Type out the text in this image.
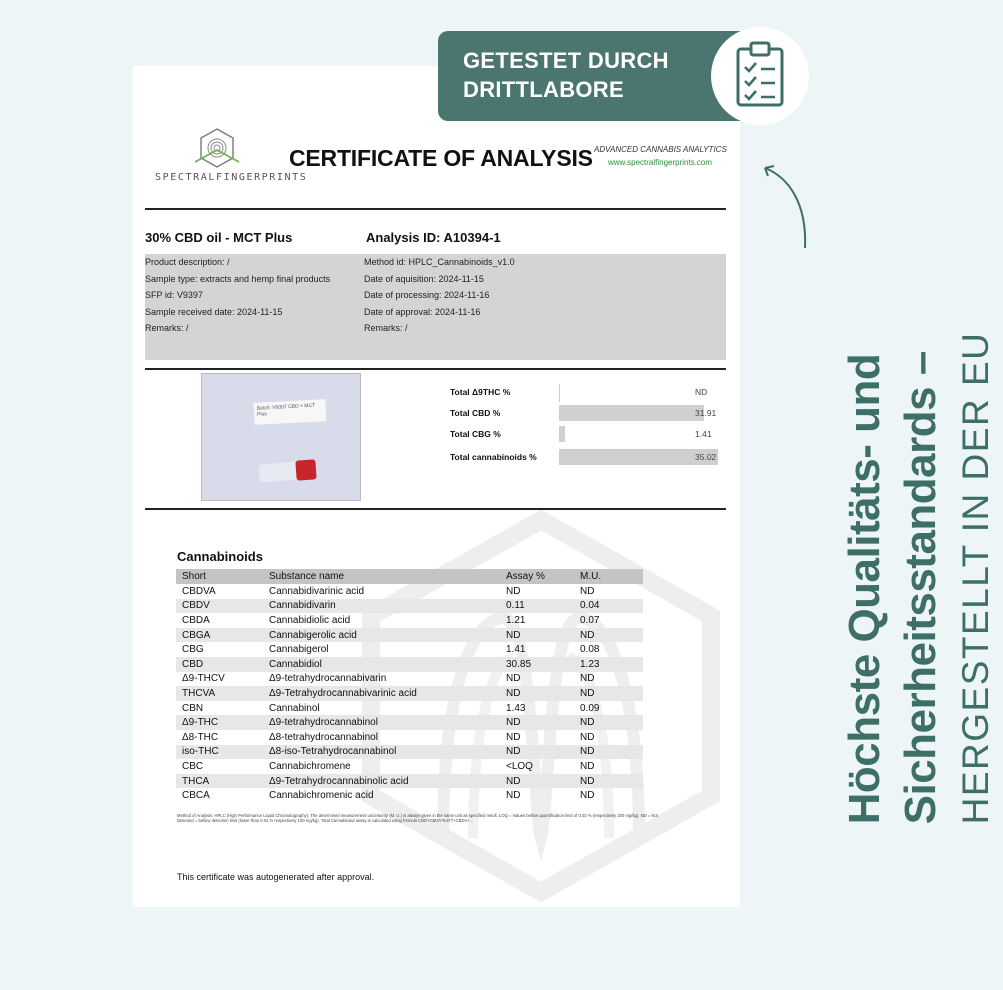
GETESTET DURCH
DRITTLABORE
SPECTRALFINGERPRINTS
CERTIFICATE OF ANALYSIS ADVANCED CANNABIS ANALYTICS
www.spectralfingerprints.com
30% CBD oil - MCT Plus	Analysis ID: A10394-1
Product description: /
Sample type: extracts and hemp final products
SFP id: V9397
Sample received date: 2024-11-15
Remarks: /
Method id: HPLC_Cannabinoids_v1.0
Date of aquisition: 2024-11-15
Date of processing: 2024-11-16
Date of approval: 2024-11-16
Remarks: /
Batch: V9397 CBD + MCT Plus
Total Δ9THC %	ND
Total CBD %	31.91
Total CBG %	1.41
Total cannabinoids %	35.02
Cannabinoids
Short	Substance name	Assay %	M.U.
CBDVA	Cannabidivarinic acid	ND	ND
CBDV	Cannabidivarin	0.11	0.04
CBDA	Cannabidiolic acid	1.21	0.07
CBGA	Cannabigerolic acid	ND	ND
CBG	Cannabigerol	1.41	0.08
CBD	Cannabidiol	30.85	1.23
Δ9-THCV	Δ9-tetrahydrocannabivarin	ND	ND
THCVA	Δ9-Tetrahydrocannabivarinic acid	ND	ND
CBN	Cannabinol	1.43	0.09
Δ9-THC	Δ9-tetrahydrocannabinol	ND	ND
Δ8-THC	Δ8-tetrahydrocannabinol	ND	ND
iso-THC	Δ8-iso-Tetrahydrocannabinol	ND	ND
CBC	Cannabichromene	<LOQ	ND
THCA	Δ9-Tetrahydrocannabinolic acid	ND	ND
CBCA	Cannabichromenic acid	ND	ND
Method of Analysis: HPLC (High Performance Liquid Chromatography). The determined measurement uncertainty (M. U.) is always given in the same unit as specified result. LOQ = Values bellow quantification limit of 0.02 % (respectively 200 mg/kg). ND = Not Detected = bellow detection limit (lower than 0.01 % respectively 100 mg/kg). Total Cannabinoid assay is calculated using formula CBD+CBDA*0.877+CBDV+...
This certificate was autogenerated after approval.
Höchste Qualitäts- und Sicherheitsstandards – HERGESTELLT IN DER EU
